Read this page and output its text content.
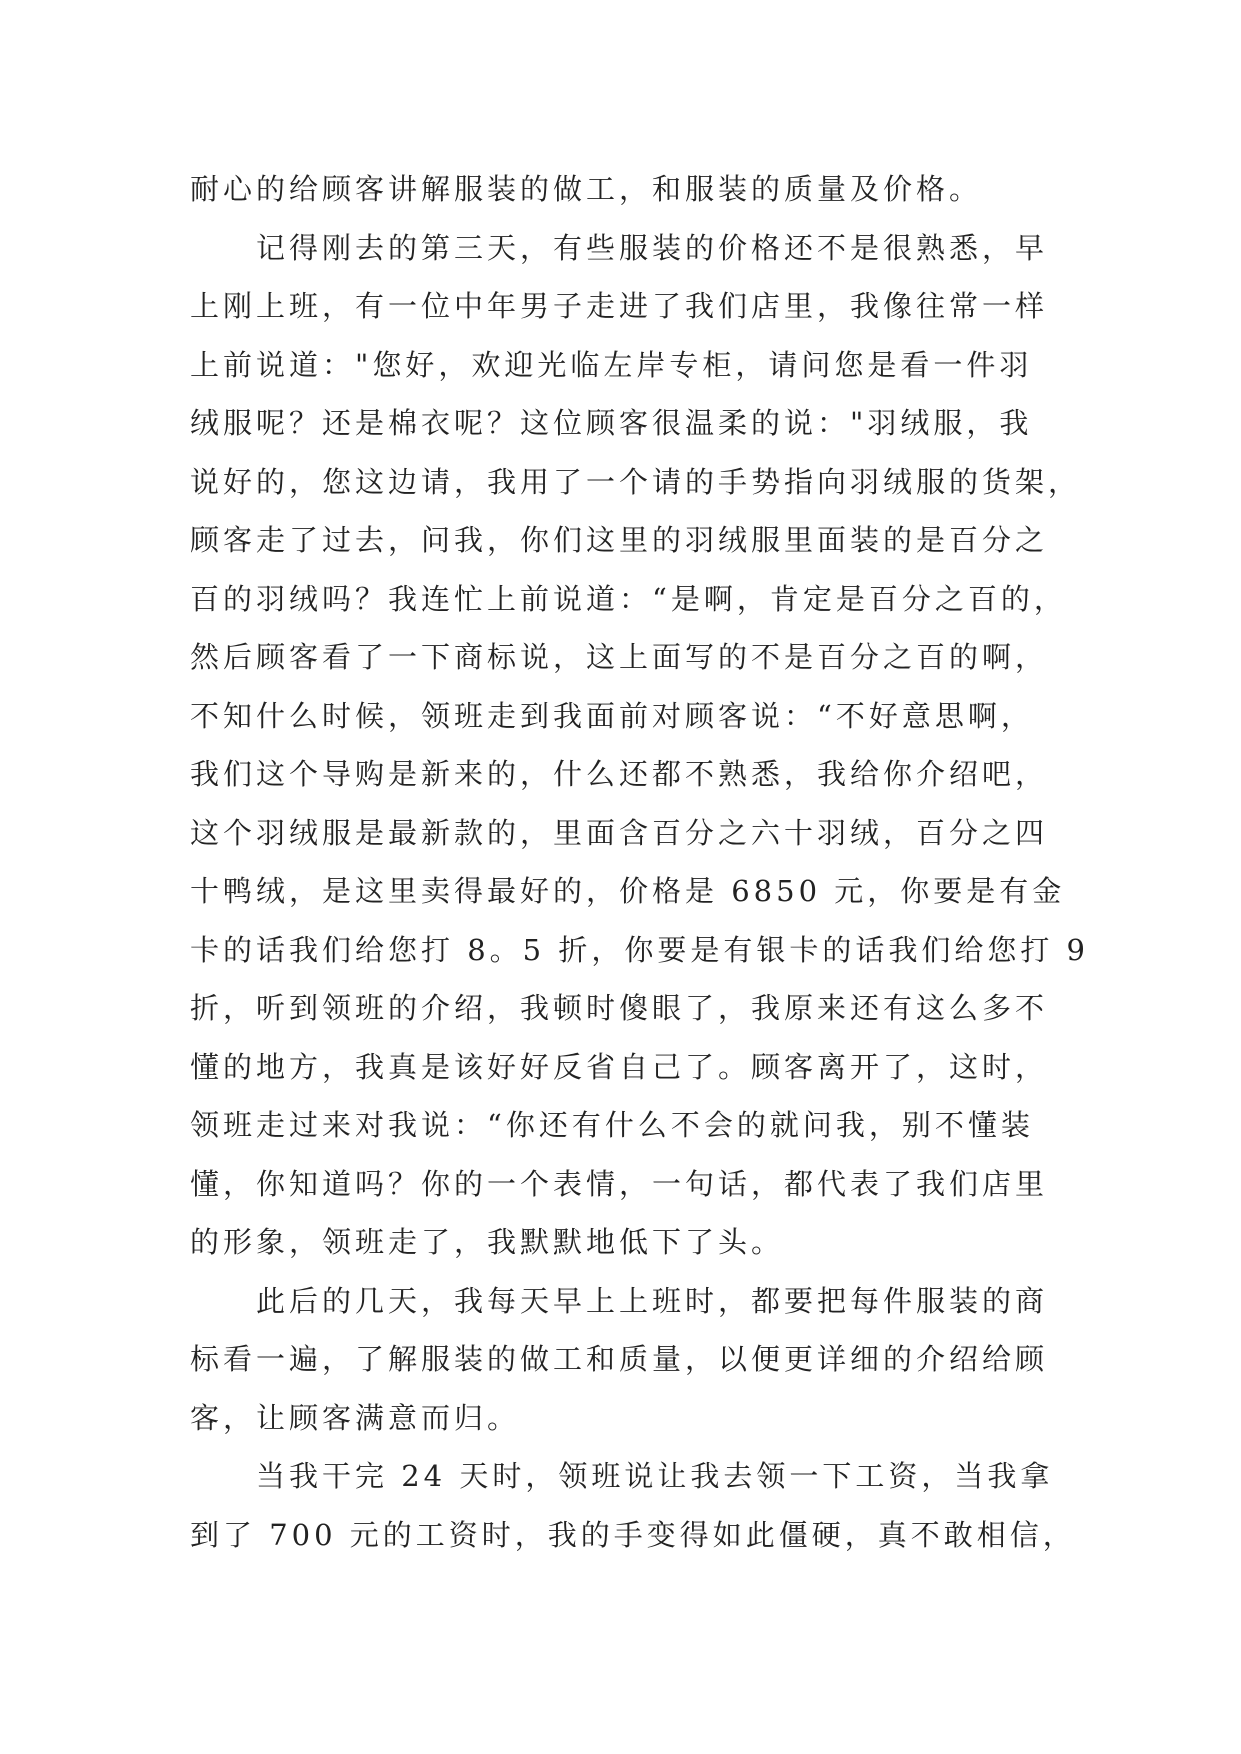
耐心的给顾客讲解服装的做工，和服装的质量及价格。
记得刚去的第三天，有些服装的价格还不是很熟悉，早
上刚上班，有一位中年男子走进了我们店里，我像往常一样
上前说道："您好，欢迎光临左岸专柜，请问您是看一件羽
绒服呢？还是棉衣呢？这位顾客很温柔的说："羽绒服，我
说好的，您这边请，我用了一个请的手势指向羽绒服的货架，
顾客走了过去，问我，你们这里的羽绒服里面装的是百分之
百的羽绒吗？我连忙上前说道：“是啊，肯定是百分之百的，
然后顾客看了一下商标说，这上面写的不是百分之百的啊，
不知什么时候，领班走到我面前对顾客说：“不好意思啊，
我们这个导购是新来的，什么还都不熟悉，我给你介绍吧，
这个羽绒服是最新款的，里面含百分之六十羽绒，百分之四
十鸭绒，是这里卖得最好的，价格是 6850 元，你要是有金
卡的话我们给您打 8。5 折，你要是有银卡的话我们给您打 9
折，听到领班的介绍，我顿时傻眼了，我原来还有这么多不
懂的地方，我真是该好好反省自己了。顾客离开了，这时，
领班走过来对我说：“你还有什么不会的就问我，别不懂装
懂，你知道吗？你的一个表情，一句话，都代表了我们店里
的形象，领班走了，我默默地低下了头。
此后的几天，我每天早上上班时，都要把每件服装的商
标看一遍，了解服装的做工和质量，以便更详细的介绍给顾
客，让顾客满意而归。
当我干完 24 天时，领班说让我去领一下工资，当我拿
到了 700 元的工资时，我的手变得如此僵硬，真不敢相信，
